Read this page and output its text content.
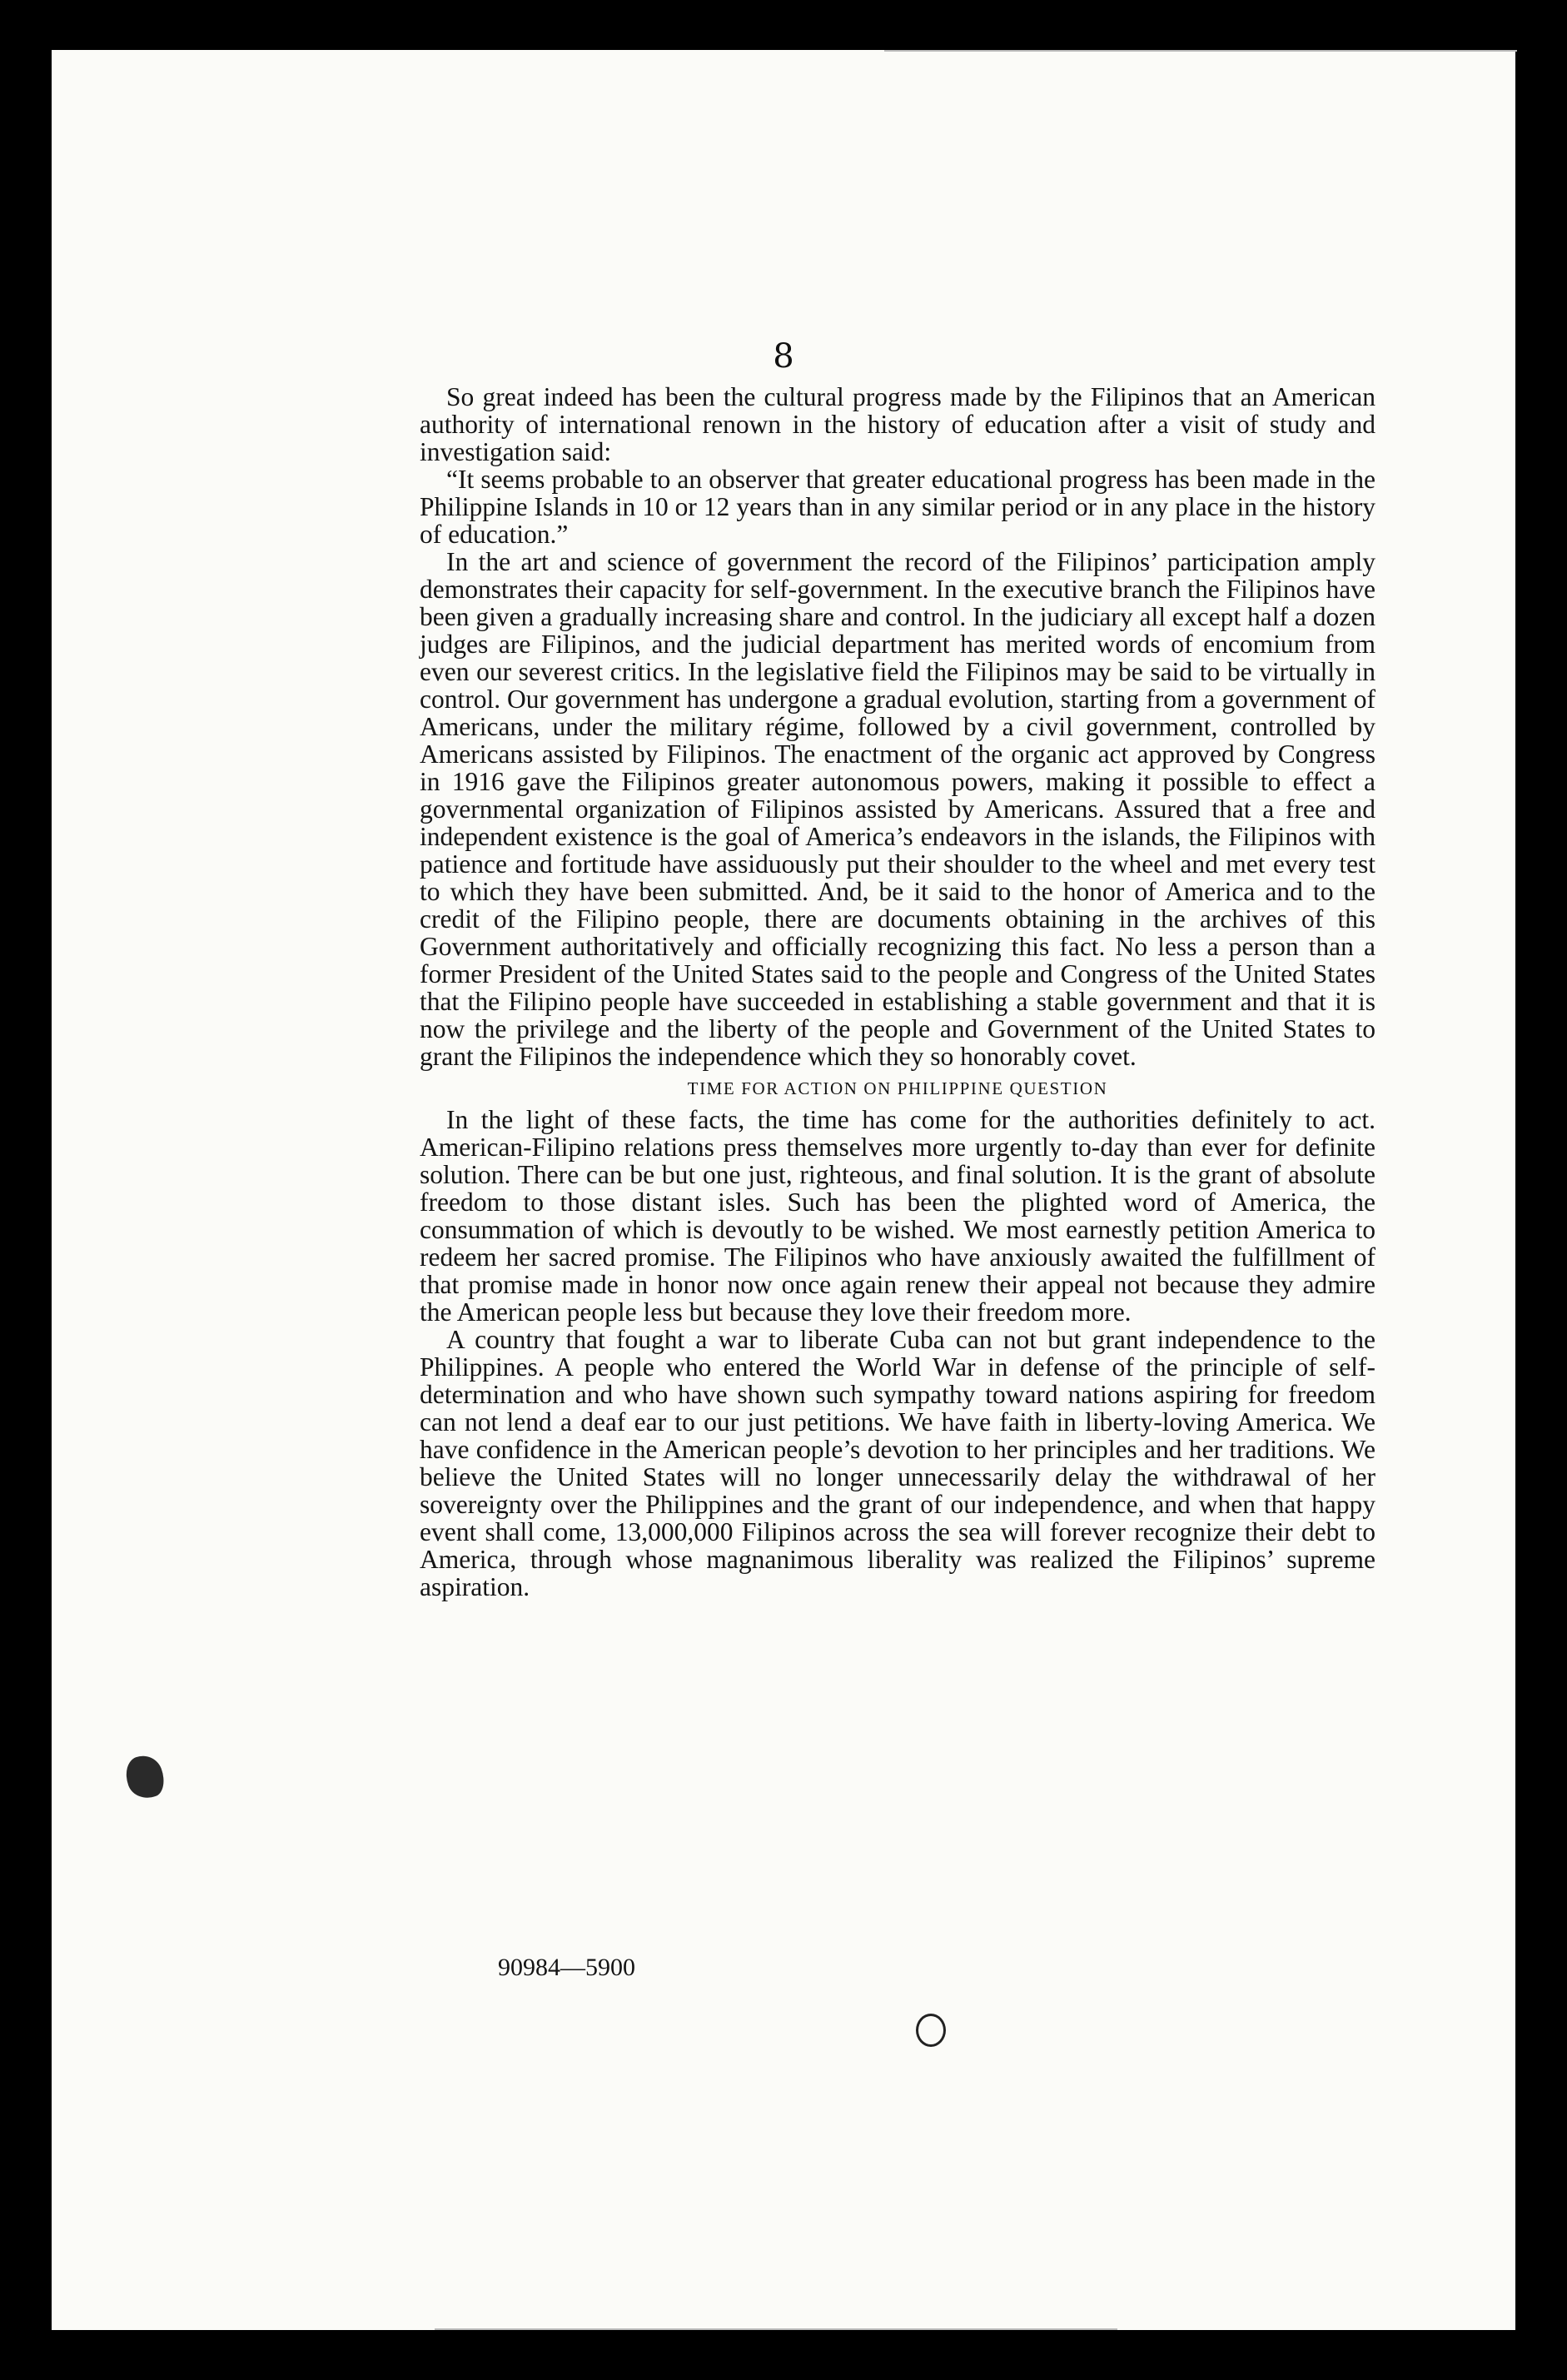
8

So great indeed has been the cultural progress made by the Filipinos that an American authority of international renown in the history of education after a visit of study and investigation said:

“It seems probable to an observer that greater educational progress has been made in the Philippine Islands in 10 or 12 years than in any similar period or in any place in the history of education.”

In the art and science of government the record of the Filipinos’ participation amply demonstrates their capacity for self-government. In the executive branch the Filipinos have been given a gradually increasing share and control. In the judiciary all except half a dozen judges are Filipinos, and the judicial department has merited words of encomium from even our severest critics. In the legislative field the Filipinos may be said to be virtually in control. Our government has undergone a gradual evolution, starting from a government of Americans, under the military régime, followed by a civil government, controlled by Americans assisted by Filipinos. The enactment of the organic act approved by Congress in 1916 gave the Filipinos greater autonomous powers, making it possible to effect a governmental organization of Filipinos assisted by Americans. Assured that a free and independent existence is the goal of America’s endeavors in the islands, the Filipinos with patience and fortitude have assiduously put their shoulder to the wheel and met every test to which they have been submitted. And, be it said to the honor of America and to the credit of the Filipino people, there are documents obtaining in the archives of this Government authoritatively and officially recognizing this fact. No less a person than a former President of the United States said to the people and Congress of the United States that the Filipino people have succeeded in establishing a stable government and that it is now the privilege and the liberty of the people and Government of the United States to grant the Filipinos the independence which they so honorably covet.

TIME FOR ACTION ON PHILIPPINE QUESTION

In the light of these facts, the time has come for the authorities definitely to act. American-Filipino relations press themselves more urgently to-day than ever for definite solution. There can be but one just, righteous, and final solution. It is the grant of absolute freedom to those distant isles. Such has been the plighted word of America, the consummation of which is devoutly to be wished. We most earnestly petition America to redeem her sacred promise. The Filipinos who have anxiously awaited the fulfillment of that promise made in honor now once again renew their appeal not because they admire the American people less but because they love their freedom more.

A country that fought a war to liberate Cuba can not but grant independence to the Philippines. A people who entered the World War in defense of the principle of self-determination and who have shown such sympathy toward nations aspiring for freedom can not lend a deaf ear to our just petitions. We have faith in liberty-loving America. We have confidence in the American people’s devotion to her principles and her traditions. We believe the United States will no longer unnecessarily delay the withdrawal of her sovereignty over the Philippines and the grant of our independence, and when that happy event shall come, 13,000,000 Filipinos across the sea will forever recognize their debt to America, through whose magnanimous liberality was realized the Filipinos’ supreme aspiration.

90984—5900
